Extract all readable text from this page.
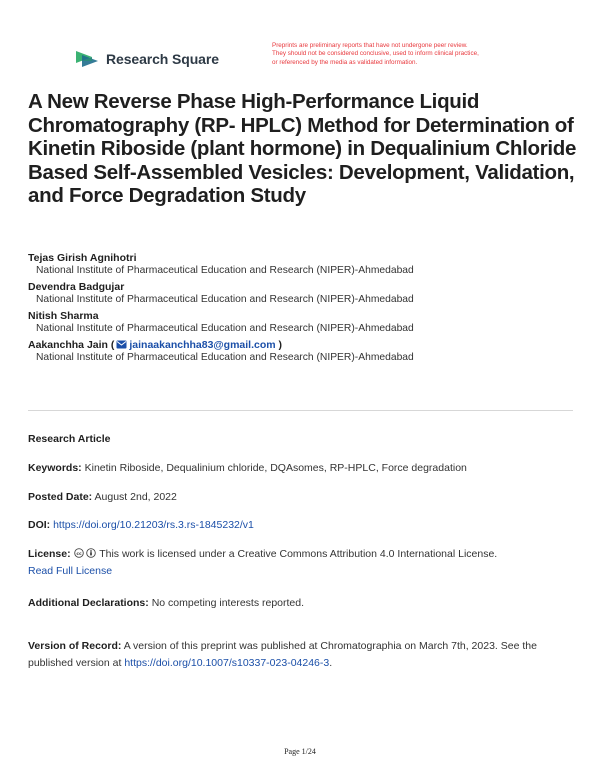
Research Square
Preprints are preliminary reports that have not undergone peer review.
They should not be considered conclusive, used to inform clinical practice,
or referenced by the media as validated information.
A New Reverse Phase High-Performance Liquid Chromatography (RP- HPLC) Method for Determination of Kinetin Riboside (plant hormone) in Dequalinium Chloride Based Self-Assembled Vesicles: Development, Validation, and Force Degradation Study
Tejas Girish Agnihotri
National Institute of Pharmaceutical Education and Research (NIPER)-Ahmedabad
Devendra Badgujar
National Institute of Pharmaceutical Education and Research (NIPER)-Ahmedabad
Nitish Sharma
National Institute of Pharmaceutical Education and Research (NIPER)-Ahmedabad
Aakanchha Jain ( jainaakanchha83@gmail.com )
National Institute of Pharmaceutical Education and Research (NIPER)-Ahmedabad
Research Article
Keywords: Kinetin Riboside, Dequalinium chloride, DQAsomes, RP-HPLC, Force degradation
Posted Date: August 2nd, 2022
DOI: https://doi.org/10.21203/rs.3.rs-1845232/v1
License: cc This work is licensed under a Creative Commons Attribution 4.0 International License.
Read Full License
Additional Declarations: No competing interests reported.
Version of Record: A version of this preprint was published at Chromatographia on March 7th, 2023. See the published version at https://doi.org/10.1007/s10337-023-04246-3.
Page 1/24
